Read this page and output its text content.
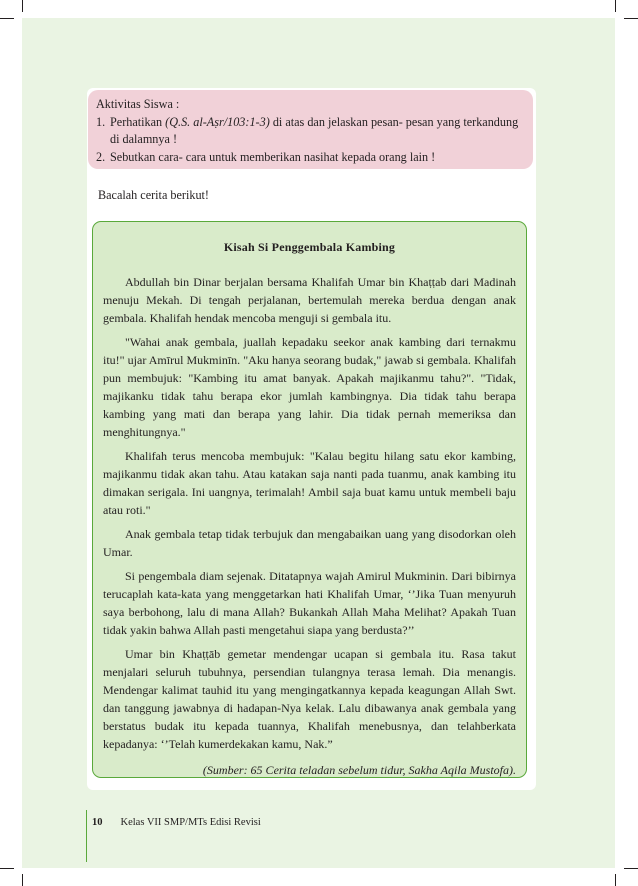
Aktivitas Siswa :
1. Perhatikan (Q.S. al-Aṣr/103:1-3) di atas dan jelaskan pesan- pesan yang terkandung di dalamnya !
2. Sebutkan cara- cara untuk memberikan nasihat kepada orang lain !
Bacalah cerita berikut!
Kisah Si Penggembala Kambing

Abdullah bin Dinar berjalan bersama Khalifah Umar bin Khaṭṭab dari Madinah menuju Mekah. Di tengah perjalanan, bertemulah mereka berdua dengan anak gembala. Khalifah hendak mencoba menguji si gembala itu.

"Wahai anak gembala, juallah kepadaku seekor anak kambing dari ternakmu itu!" ujar Amīrul Mukminīn. "Aku hanya seorang budak," jawab si gembala. Khalifah pun membujuk: "Kambing itu amat banyak. Apakah majikanmu tahu?". "Tidak, majikanku tidak tahu berapa ekor jumlah kambingnya. Dia tidak tahu berapa kambing yang mati dan berapa yang lahir. Dia tidak pernah memeriksa dan menghitungnya."

Khalifah terus mencoba membujuk: "Kalau begitu hilang satu ekor kambing, majikanmu tidak akan tahu. Atau katakan saja nanti pada tuanmu, anak kambing itu dimakan serigala. Ini uangnya, terimalah! Ambil saja buat kamu untuk membeli baju atau roti."

Anak gembala tetap tidak terbujuk dan mengabaikan uang yang disodorkan oleh Umar.

Si pengembala diam sejenak. Ditatapnya wajah Amirul Mukminin. Dari bibirnya terucaplah kata-kata yang menggetarkan hati Khalifah Umar, ‘’Jika Tuan menyuruh saya berbohong, lalu di mana Allah? Bukankah Allah Maha Melihat? Apakah Tuan tidak yakin bahwa Allah pasti mengetahui siapa yang berdusta?’’

Umar bin Khaṭṭāb gemetar mendengar ucapan si gembala itu. Rasa takut menjalari seluruh tubuhnya, persendian tulangnya terasa lemah. Dia menangis. Mendengar kalimat tauhid itu yang mengingatkannya kepada keagungan Allah Swt. dan tanggung jawabnya di hadapan-Nya kelak. Lalu dibawanya anak gembala yang berstatus budak itu kepada tuannya, Khalifah menebusnya, dan telahberkata kepadanya: ‘’Telah kumerdekakan kamu, Nak.”

(Sumber: 65 Cerita teladan sebelum tidur, Sakha Aqila Mustofa).
10 Kelas VII SMP/MTs Edisi Revisi
